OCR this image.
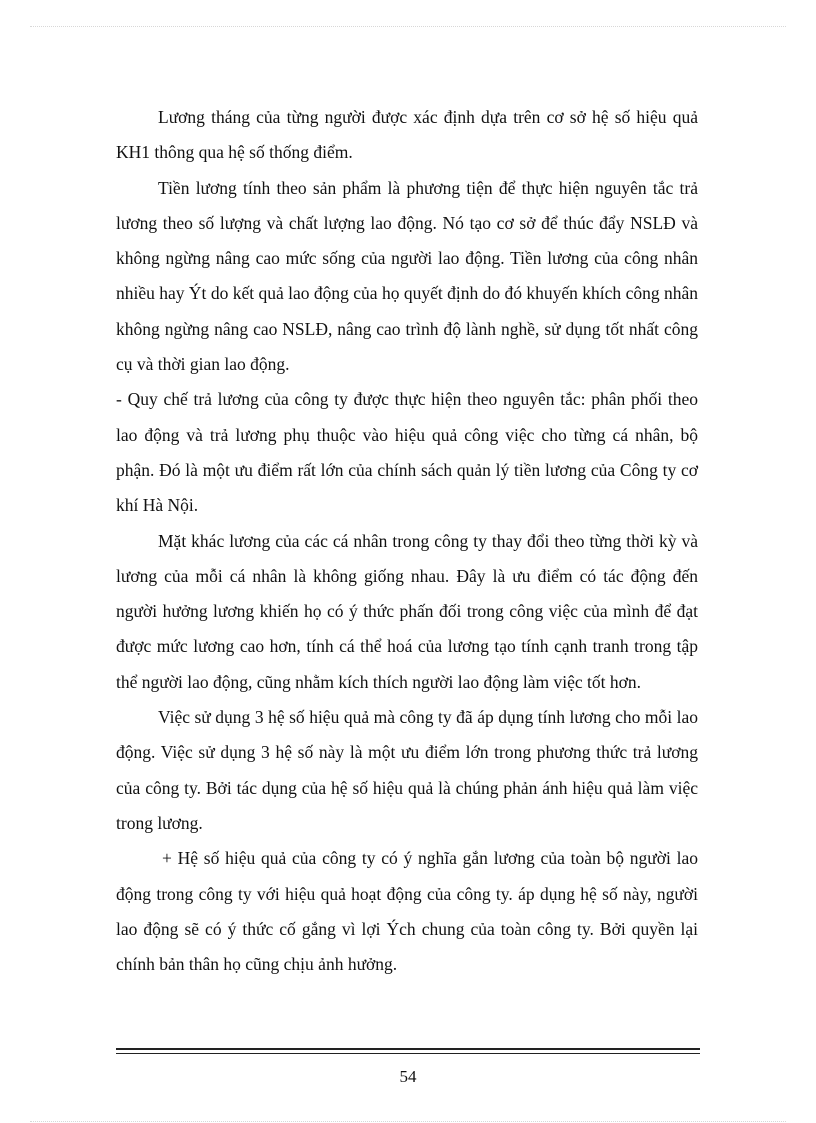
Lương tháng của từng người được xác định dựa trên cơ sở hệ số hiệu quả KH1 thông qua hệ số thống điểm.

Tiền lương tính theo sản phẩm là phương tiện để thực hiện nguyên tắc trả lương theo số lượng và chất lượng lao động. Nó tạo cơ sở để thúc đẩy NSLĐ và không ngừng nâng cao mức sống của người lao động. Tiền lương của công nhân nhiều hay Ýt do kết quả lao động của họ quyết định do đó khuyến khích công nhân không ngừng nâng cao NSLĐ, nâng cao trình độ lành nghề, sử dụng tốt nhất công cụ và thời gian lao động.

- Quy chế trả lương của công ty được thực hiện theo nguyên tắc: phân phối theo lao động và trả lương phụ thuộc vào hiệu quả công việc cho từng cá nhân, bộ phận. Đó là một ưu điểm rất lớn của chính sách quản lý tiền lương của Công ty cơ khí Hà Nội.

Mặt khác lương của các cá nhân trong công ty thay đổi theo từng thời kỳ và lương của mỗi cá nhân là không giống nhau. Đây là ưu điểm có tác động đến người hưởng lương khiến họ có ý thức phấn đối trong công việc của mình để đạt được mức lương cao hơn, tính cá thể hoá của lương tạo tính cạnh tranh trong tập thể người lao động, cũng nhằm kích thích người lao động làm việc tốt hơn.

Việc sử dụng 3 hệ số hiệu quả mà công ty đã áp dụng tính lương cho mỗi lao động. Việc sử dụng 3 hệ số này là một ưu điểm lớn trong phương thức trả lương của công ty. Bởi tác dụng của hệ số hiệu quả là chúng phản ánh hiệu quả làm việc trong lương.

+ Hệ số hiệu quả của công ty có ý nghĩa gắn lương của toàn bộ người lao động trong công ty với hiệu quả hoạt động của công ty. áp dụng hệ số này, người lao động sẽ có ý thức cố gắng vì lợi Ých chung của toàn công ty. Bởi quyền lại chính bản thân họ cũng chịu ảnh hưởng.

54
